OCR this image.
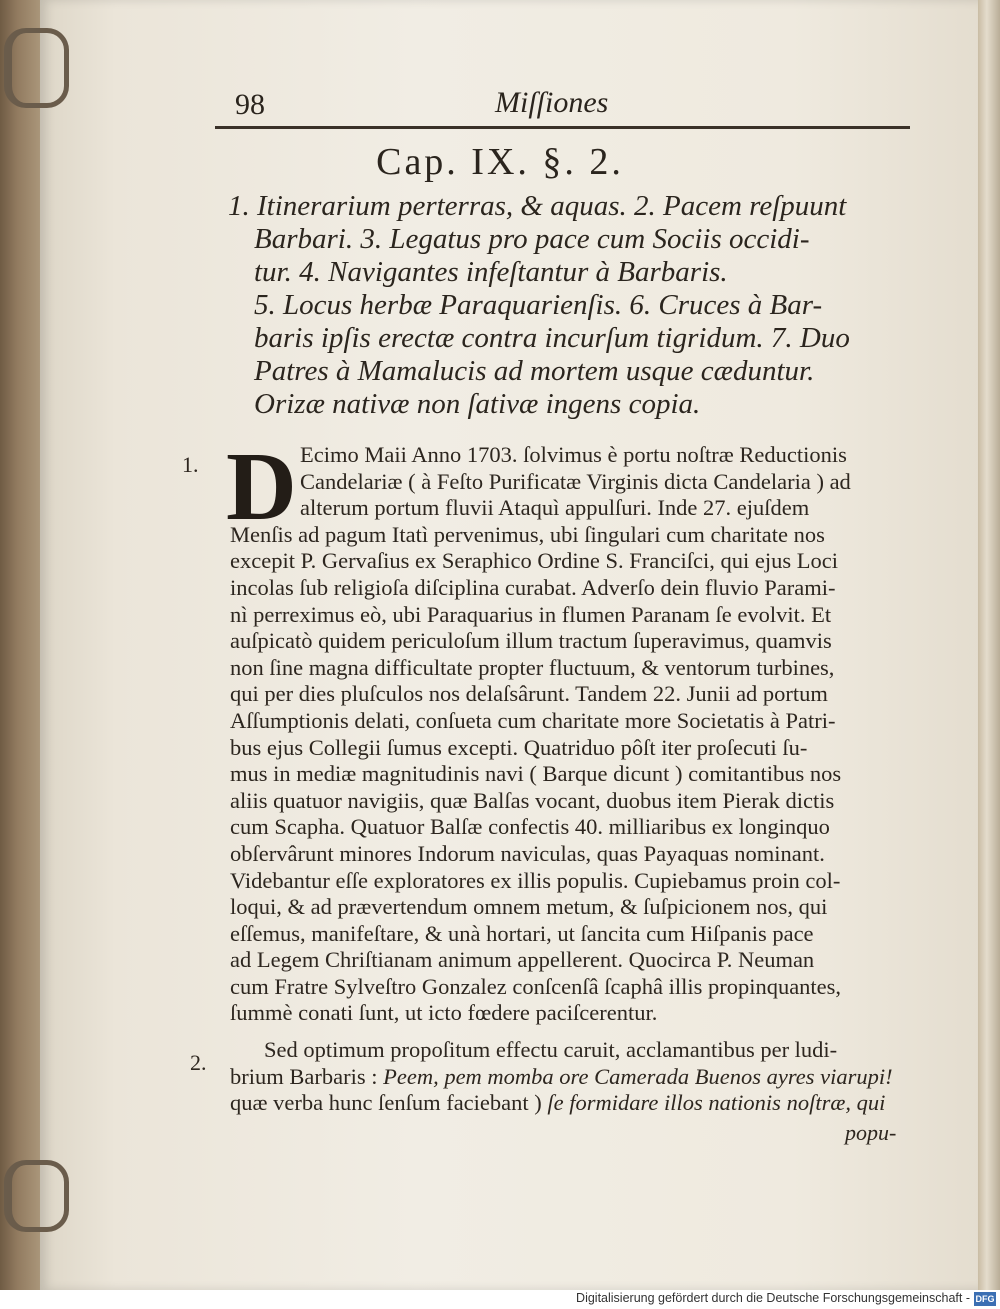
98	Miſſiones
Cap. IX. §. 2.
1. Itinerarium perterras, & aquas. 2. Pacem reſpuunt
Barbari. 3. Legatus pro pace cum Sociis occidi-
tur. 4. Navigantes infeſtantur à Barbaris.
5. Locus herbæ Paraquarienſis. 6. Cruces à Bar-
baris ipſis erectæ contra incurſum tigridum. 7. Duo
Patres à Mamalucis ad mortem usque cæduntur.
Orizæ nativæ non ſativæ ingens copia.
1. D Ecimo Maii Anno 1703. ſolvimus è portu noſtræ Reductionis
Candelariæ ( à Feſto Purificatæ Virginis dicta Candelaria ) ad
alterum portum fluvii Ataquì appulſuri. Inde 27. ejuſdem
Menſis ad pagum Itatì pervenimus, ubi ſingulari cum charitate nos
excepit P. Gervaſius ex Seraphico Ordine S. Franciſci, qui ejus Loci
incolas ſub religioſa diſciplina curabat. Adverſo dein fluvio Parami-
nì perreximus eò, ubi Paraquarius in flumen Paranam ſe evolvit. Et
auſpicatò quidem periculoſum illum tractum ſuperavimus, quamvis
non ſine magna difficultate propter fluctuum, & ventorum turbines,
qui per dies pluſculos nos delaſsârunt. Tandem 22. Junii ad portum
Aſſumptionis delati, conſueta cum charitate more Societatis à Patri-
bus ejus Collegii ſumus excepti. Quatriduo pôſt iter proſecuti ſu-
mus in mediæ magnitudinis navi ( Barque dicunt ) comitantibus nos
aliis quatuor navigiis, quæ Balſas vocant, duobus item Pierak dictis
cum Scapha. Quatuor Balſæ confectis 40. milliaribus ex longinquo
obſervârunt minores Indorum naviculas, quas Payaquas nominant.
Videbantur eſſe exploratores ex illis populis. Cupiebamus proin col-
loqui, & ad prævertendum omnem metum, & ſuſpicionem nos, qui
eſſemus, manifeſtare, & unà hortari, ut ſancita cum Hiſpanis pace
ad Legem Chriſtianam animum appellerent. Quocirca P. Neuman
cum Fratre Sylveſtro Gonzalez conſcenſâ ſcaphâ illis propinquantes,
ſummè conati ſunt, ut icto fœdere paciſcerentur.
Sed optimum propoſitum effectu caruit, acclamantibus per ludi-
brium Barbaris : Peem, pem momba ore Camerada Buenos ayres viarupi!
quæ verba hunc ſenſum faciebant ) ſe formidare illos nationis noſtræ, qui
2.
popu-
Digitalisierung gefördert durch die Deutsche Forschungsgemeinschaft - DFG
